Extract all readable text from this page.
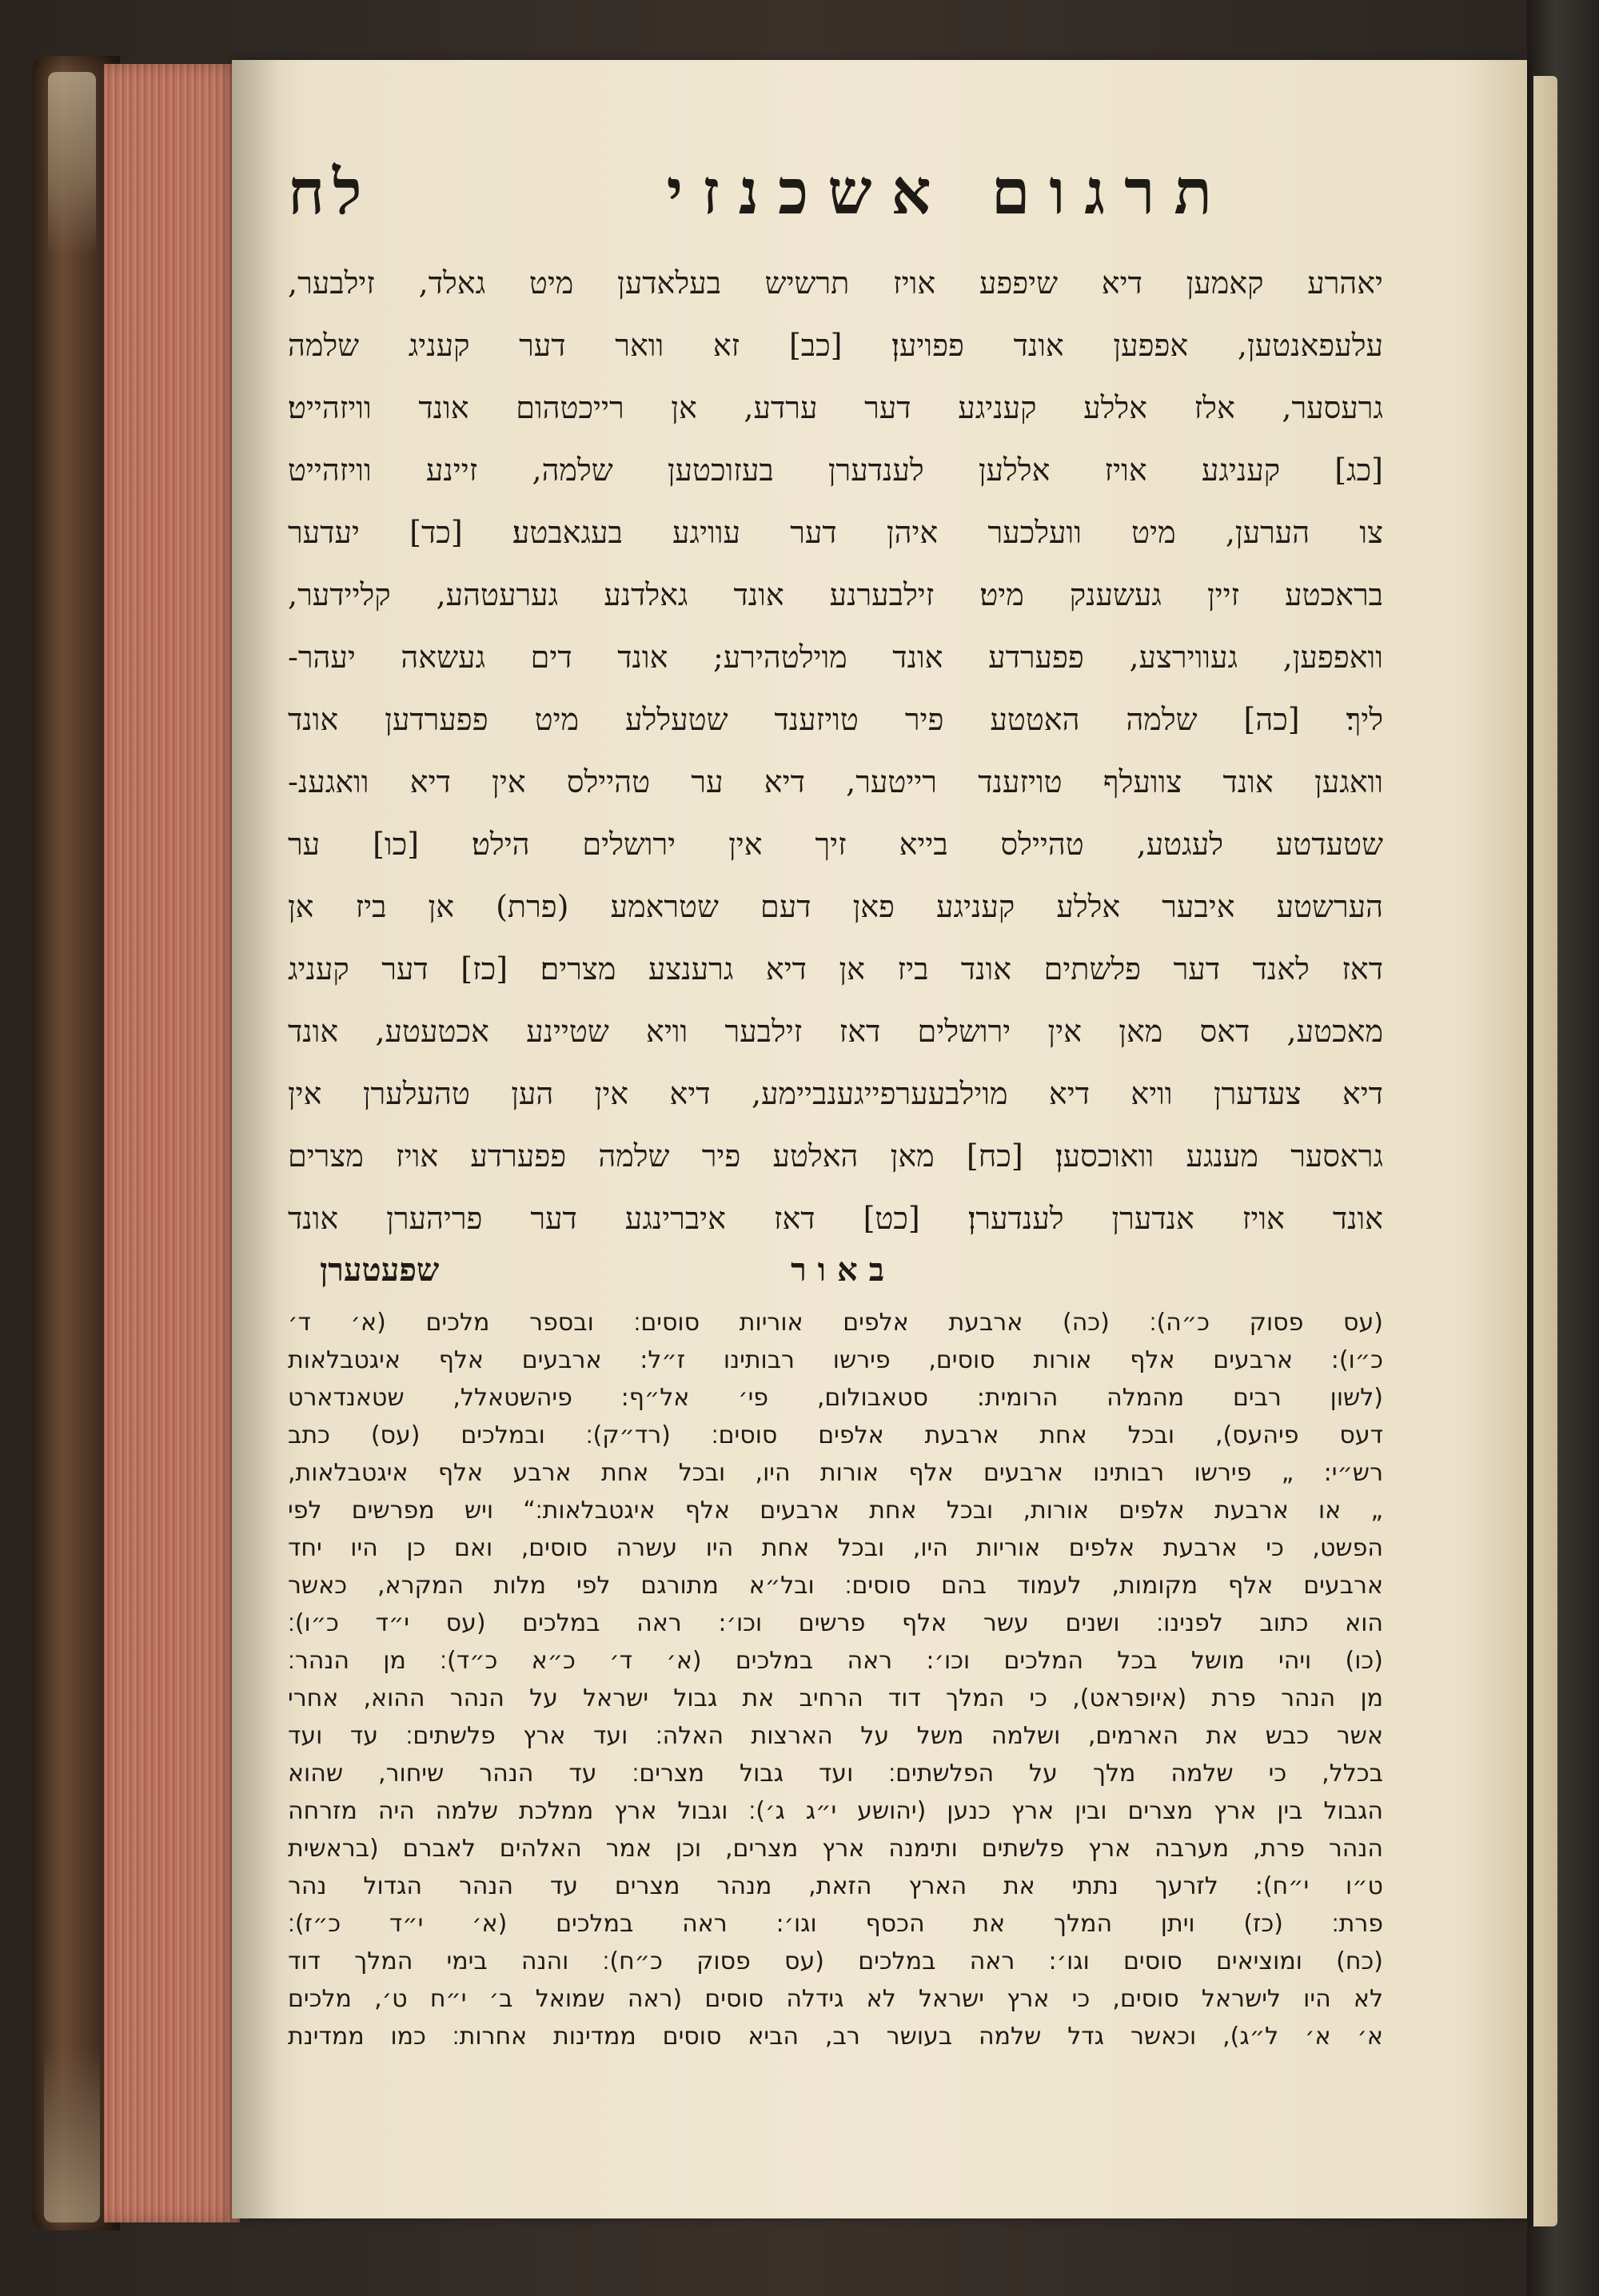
תרגום אשכנזי
לח
יאהרע קאמען דיא שיפפע אויז תרשיש בעלאדען מיט גאלד, זילבער,
עלעפאנטען, אפפען אונד פפויען׃ [כב] זא וואר דער קעניג שלמה
גרעסער, אלז אללע קעניגע דער ערדע, אן רייכטהום אונד וויזהייט׃
[כג] קעניגע אויז אללען לענדערן בעזוכטען שלמה, זיינע וויזהייט
צו הערען, מיט וועלכער איהן דער עוויגע בעגאבטע׃ [כד] יעדער
בראכטע זיין געשענק מיט׃ זילבערנע אונד גאלדנע גערעטהע, קליידער,
וואפפען, געווירצע, פפערדע אונד מוילטהירע; אונד דים געשאה יעהר-
ליך׃ [כה] שלמה האטטע פיר טויזענד שטעללע מיט פפערדען אונד
וואגען אונד צוועלף טויזענד רייטער, דיא ער טהיילס אין דיא וואגענ-
שטעדטע לעגטע, טהיילס בייא זיך אין ירושלים הילט׃ [כו] ער
הערשטע איבער אללע קעניגע פאן דעם שטראמע (פרת) אן ביז אן
דאז לאנד דער פלשתים אונד ביז אן דיא גרענצע מצרים׃ [כז] דער קעניג
מאכטע, דאס מאן אין ירושלים דאז זילבער וויא שטיינע אכטעטע, אונד
דיא צעדערן וויא דיא מוילבעערפייגענביימע, דיא אין הען טהעלערן אין
גראסער מענגע וואוכסען׃ [כח] מאן האלטע פיר שלמה פפערדע אויז מצרים
אונד אויז אנדערן לענדערן׃ [כט] דאז איברינגע דער פריהערן אונד
באור
שפעטערן
(עס פסוק כ״ה)׃ (כה) ארבעת אלפים אוריות סוסים׃ ובספר מלכים (א׳ ד׳
כ״ו): ארבעים אלף אורות סוסים, פירשו רבותינו ז״ל: ארבעים אלף איגטבלאות
(לשון רבים מהמלה הרומית: סטאבולום, פי׳ אל״ף: פיהשטאלל, שטאנדארט
דעס פיהעס), ובכל אחת ארבעת אלפים סוסים׃ (רד״ק)׃ ובמלכים (עס) כתב
רש״י: „ פירשו רבותינו ארבעים אלף אורות היו, ובכל אחת ארבע אלף איגטבלאות,
„ או ארבעת אלפים אורות, ובכל אחת ארבעים אלף איגטבלאות׃“ ויש מפרשים לפי
הפשט, כי ארבעת אלפים אוריות היו, ובכל אחת היו עשרה סוסים, ואם כן היו יחד
ארבעים אלף מקומות, לעמוד בהם סוסים׃ ובל״א מתורגם לפי מלות המקרא, כאשר
הוא כתוב לפנינו׃ ושנים עשר אלף פרשים וכו׳: ראה במלכים (עס י״ד כ״ו)׃
(כו) ויהי מושל בכל המלכים וכו׳: ראה במלכים (א׳ ד׳ כ״א כ״ד)׃ מן הנהר׃
מן הנהר פרת (איופראט), כי המלך דוד הרחיב את גבול ישראל על הנהר ההוא, אחרי
אשר כבש את הארמים, ושלמה משל על הארצות האלה׃ ועד ארץ פלשתים׃ עד ועד
בכלל, כי שלמה מלך על הפלשתים׃ ועד גבול מצרים׃ עד הנהר שיחור, שהוא
הגבול בין ארץ מצרים ובין ארץ כנען (יהושע י״ג ג׳)׃ וגבול ארץ ממלכת שלמה היה מזרחה
הנהר פרת, מערבה ארץ פלשתים ותימנה ארץ מצרים, וכן אמר האלהים לאברם (בראשית
ט״ו י״ח): לזרעך נתתי את הארץ הזאת, מנהר מצרים עד הנהר הגדול נהר
פרת׃ (כז) ויתן המלך את הכסף וגו׳: ראה במלכים (א׳ י״ד כ״ז)׃
(כח) ומוציאים סוסים וגו׳: ראה במלכים (עס פסוק כ״ח)׃ והנה בימי המלך דוד
לא היו לישראל סוסים, כי ארץ ישראל לא גידלה סוסים (ראה שמואל ב׳ י״ח ט׳, מלכים
א׳ א׳ ל״ג), וכאשר גדל שלמה בעושר רב, הביא סוסים ממדינות אחרות׃ כמו ממדינת
